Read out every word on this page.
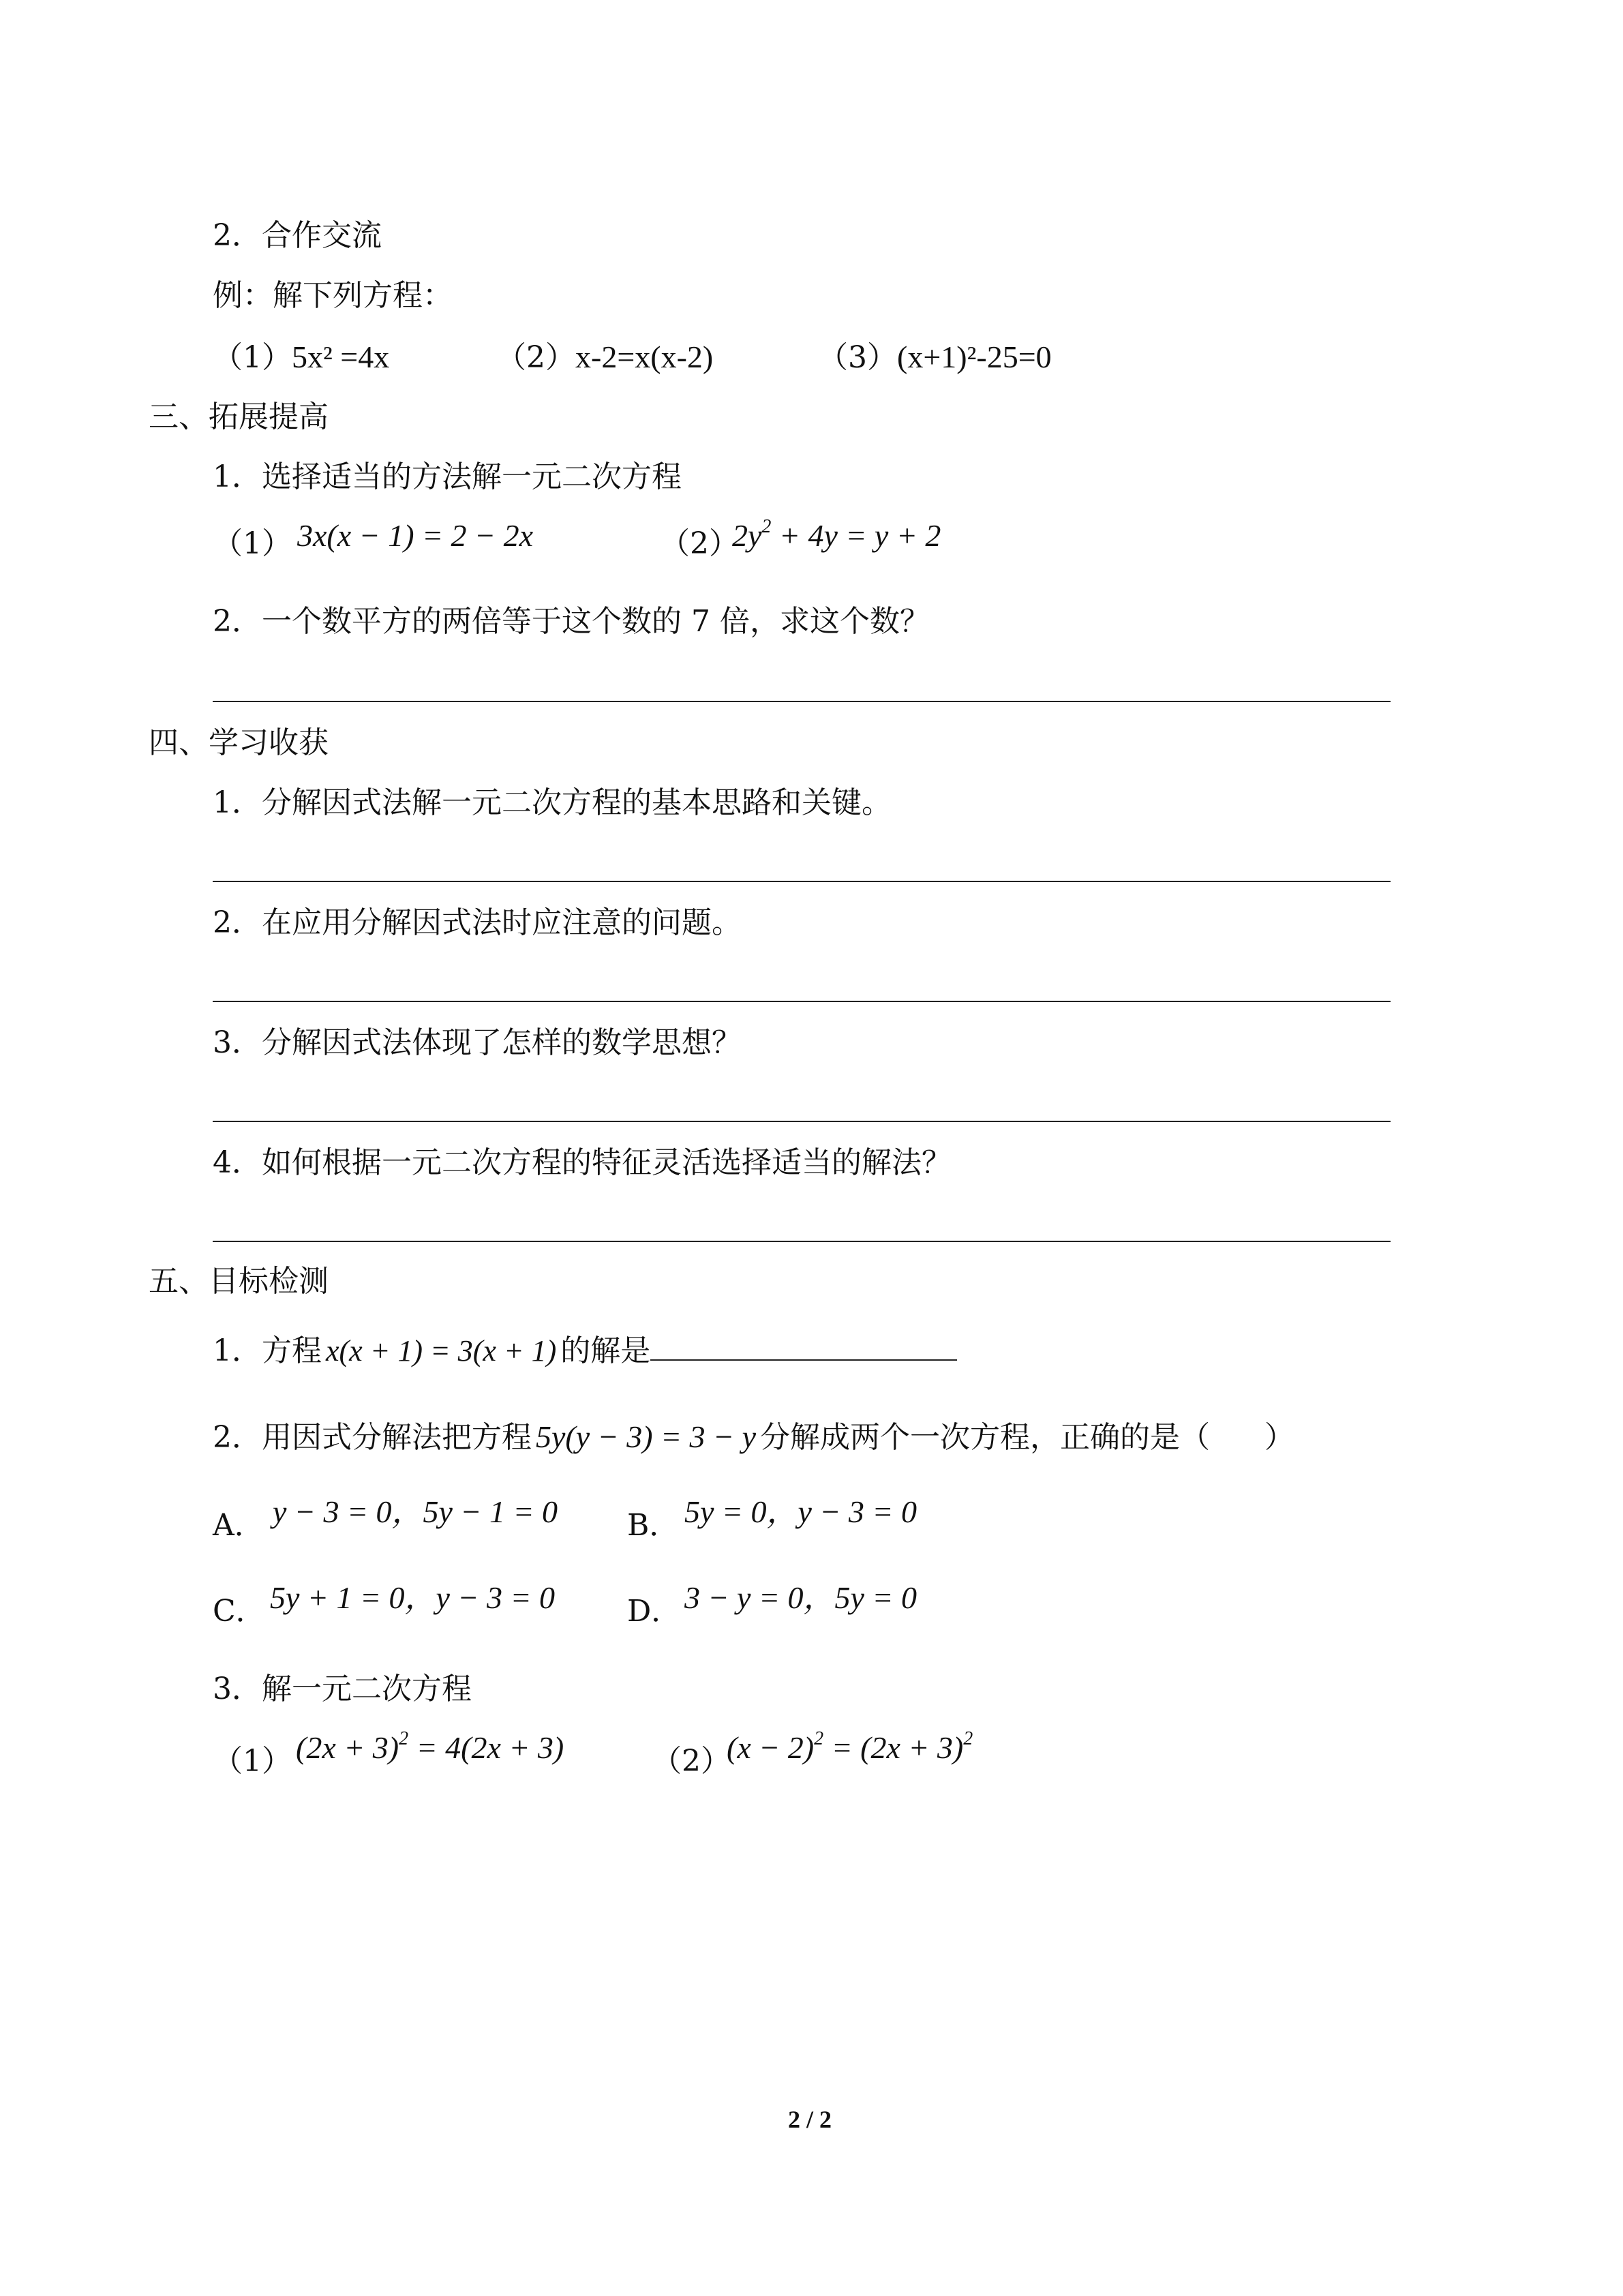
2．合作交流
例：解下列方程：
（1）5x² =4x	（2）x-2=x(x-2)	（3）(x+1)²-25=0
三、拓展提高
1．选择适当的方法解一元二次方程
（1） 3x(x − 1) = 2 − 2x	（2）
$2y^2 + 4y = y + 2$
2．一个数平方的两倍等于这个数的 7 倍，求这个数？
四、学习收获
1．分解因式法解一元二次方程的基本思路和关键。
2．在应用分解因式法时应注意的问题。
3．分解因式法体现了怎样的数学思想？
4．如何根据一元二次方程的特征灵活选择适当的解法？
五、目标检测
1．方程 x(x + 1) = 3(x + 1) 的解是
2．用因式分解法把方程 5y(y − 3) = 3 − y 分解成两个一次方程，正确的是（ ）
A． y − 3 = 0，5y − 1 = 0 B． 5y = 0，y − 3 = 0
C． 5y + 1 = 0，y − 3 = 0 D． 3 − y = 0，5y = 0
3．解一元二次方程
（1） $(2x + 3)^2 = 4(2x + 3)$	（2）
$(x - 2)^2 = (2x + 3)^2$
2 / 2
